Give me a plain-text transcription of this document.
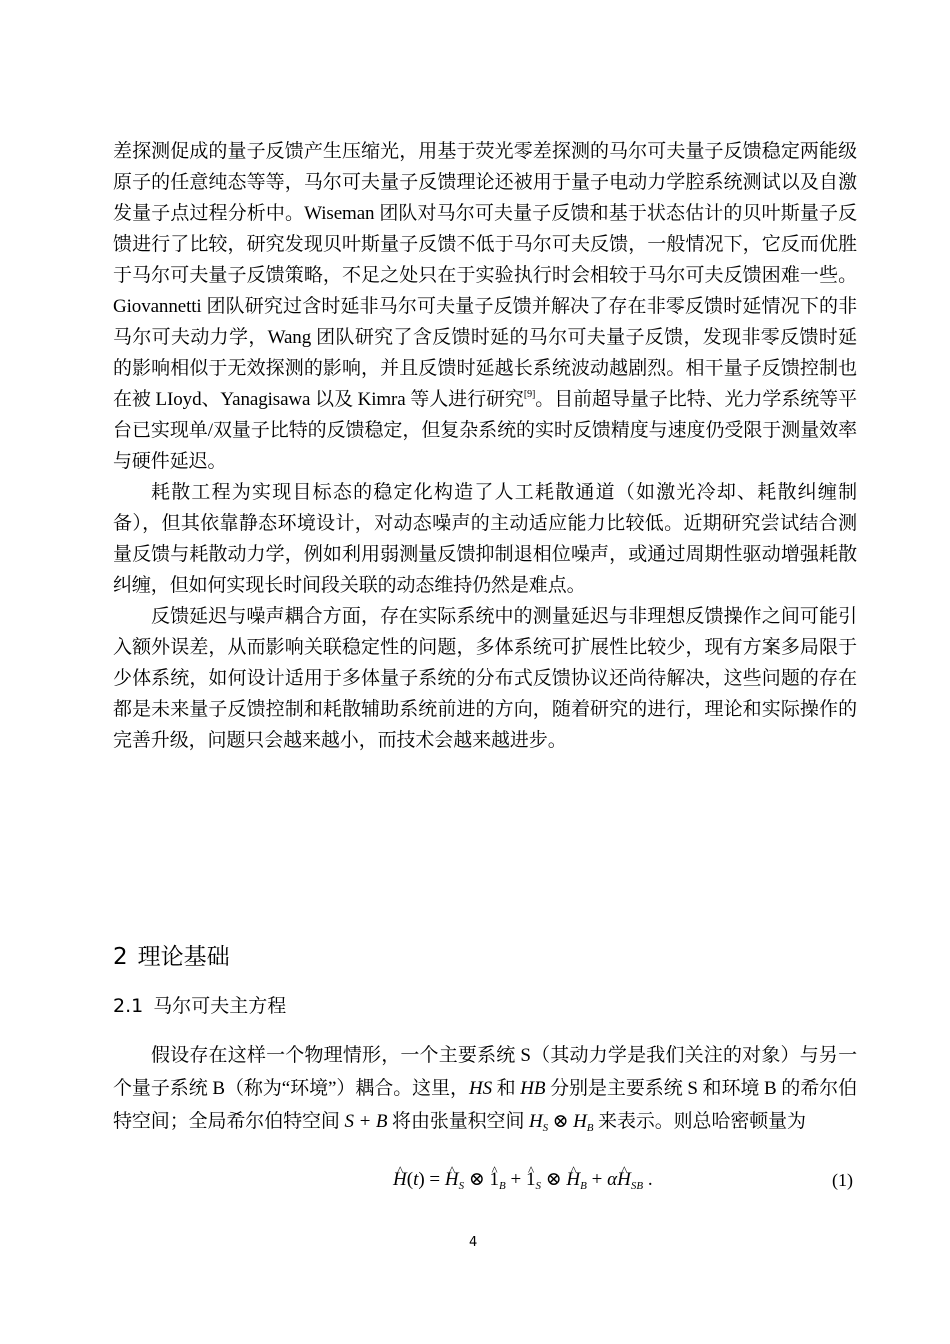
差探测促成的量子反馈产生压缩光，用基于荧光零差探测的马尔可夫量子反馈稳定两能级原子的任意纯态等等，马尔可夫量子反馈理论还被用于量子电动力学腔系统测试以及自激发量子点过程分析中。Wiseman 团队对马尔可夫量子反馈和基于状态估计的贝叶斯量子反馈进行了比较，研究发现贝叶斯量子反馈不低于马尔可夫反馈，一般情况下，它反而优胜于马尔可夫量子反馈策略，不足之处只在于实验执行时会相较于马尔可夫反馈困难一些。Giovannetti 团队研究过含时延非马尔可夫量子反馈并解决了存在非零反馈时延情况下的非马尔可夫动力学，Wang 团队研究了含反馈时延的马尔可夫量子反馈，发现非零反馈时延的影响相似于无效探测的影响，并且反馈时延越长系统波动越剧烈。相干量子反馈控制也在被 LIoyd、Yanagisawa 以及 Kimra 等人进行研究[9]。目前超导量子比特、光力学系统等平台已实现单/双量子比特的反馈稳定，但复杂系统的实时反馈精度与速度仍受限于测量效率与硬件延迟。

耗散工程为实现目标态的稳定化构造了人工耗散通道（如激光冷却、耗散纠缠制备），但其依靠静态环境设计，对动态噪声的主动适应能力比较低。近期研究尝试结合测量反馈与耗散动力学，例如利用弱测量反馈抑制退相位噪声，或通过周期性驱动增强耗散纠缠，但如何实现长时间段关联的动态维持仍然是难点。

反馈延迟与噪声耦合方面，存在实际系统中的测量延迟与非理想反馈操作之间可能引入额外误差，从而影响关联稳定性的问题，多体系统可扩展性比较少，现有方案多局限于少体系统，如何设计适用于多体量子系统的分布式反馈协议还尚待解决，这些问题的存在都是未来量子反馈控制和耗散辅助系统前进的方向，随着研究的进行，理论和实际操作的完善升级，问题只会越来越小，而技术会越来越进步。

2 理论基础
2.1 马尔可夫主方程

假设存在这样一个物理情形，一个主要系统 S（其动力学是我们关注的对象）与另一个量子系统 B（称为“环境”）耦合。这里，HS 和 HB 分别是主要系统 S 和环境 B 的希尔伯特空间；全局希尔伯特空间 S + B 将由张量积空间 $H_S$ ⊗ $H_B$ 来表示。则总哈密顿量为

^ H(t) = ^ $H_S$ ⊗ ^ $1_B$ + ^ $1_S$ ⊗ ^ $H_B$ + α^ $H_{SB}$ .	(1)
4
